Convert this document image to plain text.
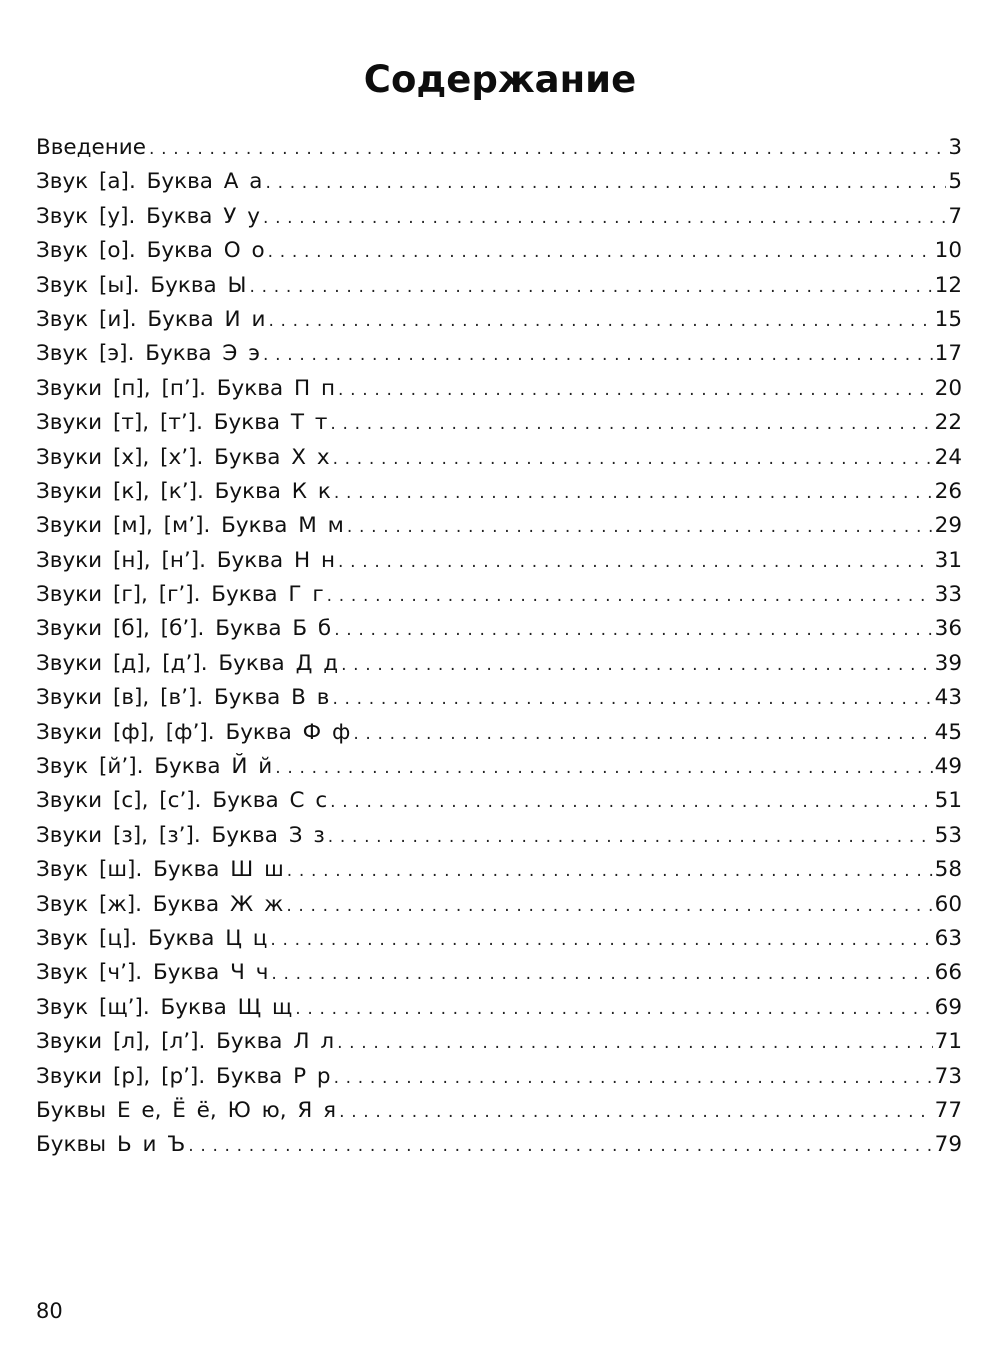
Содержание
Введение . . .	3
Звук [а]. Буква А а . . .	5
Звук [у]. Буква У у . . .	7
Звук [о]. Буква О о . . .	10
Звук [ы]. Буква Ы . . .	12
Звук [и]. Буква И и . . .	15
Звук [э]. Буква Э э . . .	17
Звуки [п], [п’]. Буква П п . . .	20
Звуки [т], [т’]. Буква Т т . . .	22
Звуки [х], [х’]. Буква Х х . . .	24
Звуки [к], [к’]. Буква К к . . .	26
Звуки [м], [м’]. Буква М м . . .	29
Звуки [н], [н’]. Буква Н н . . .	31
Звуки [г], [г’]. Буква Г г . . .	33
Звуки [б], [б’]. Буква Б б . . .	36
Звуки [д], [д’]. Буква Д д . . .	39
Звуки [в], [в’]. Буква В в . . .	43
Звуки [ф], [ф’]. Буква Ф ф . . .	45
Звук [й’]. Буква Й й . . .	49
Звуки [с], [с’]. Буква С с . . .	51
Звуки [з], [з’]. Буква З з . . .	53
Звук [ш]. Буква Ш ш . . .	58
Звук [ж]. Буква Ж ж . . .	60
Звук [ц]. Буква Ц ц . . .	63
Звук [ч’]. Буква Ч ч . . .	66
Звук [щ’]. Буква Щ щ . . .	69
Звуки [л], [л’]. Буква Л л . . .	71
Звуки [р], [р’]. Буква Р р . . .	73
Буквы Е е, Ё ё, Ю ю, Я я . . .	77
Буквы Ь и Ъ . . .	79
80
